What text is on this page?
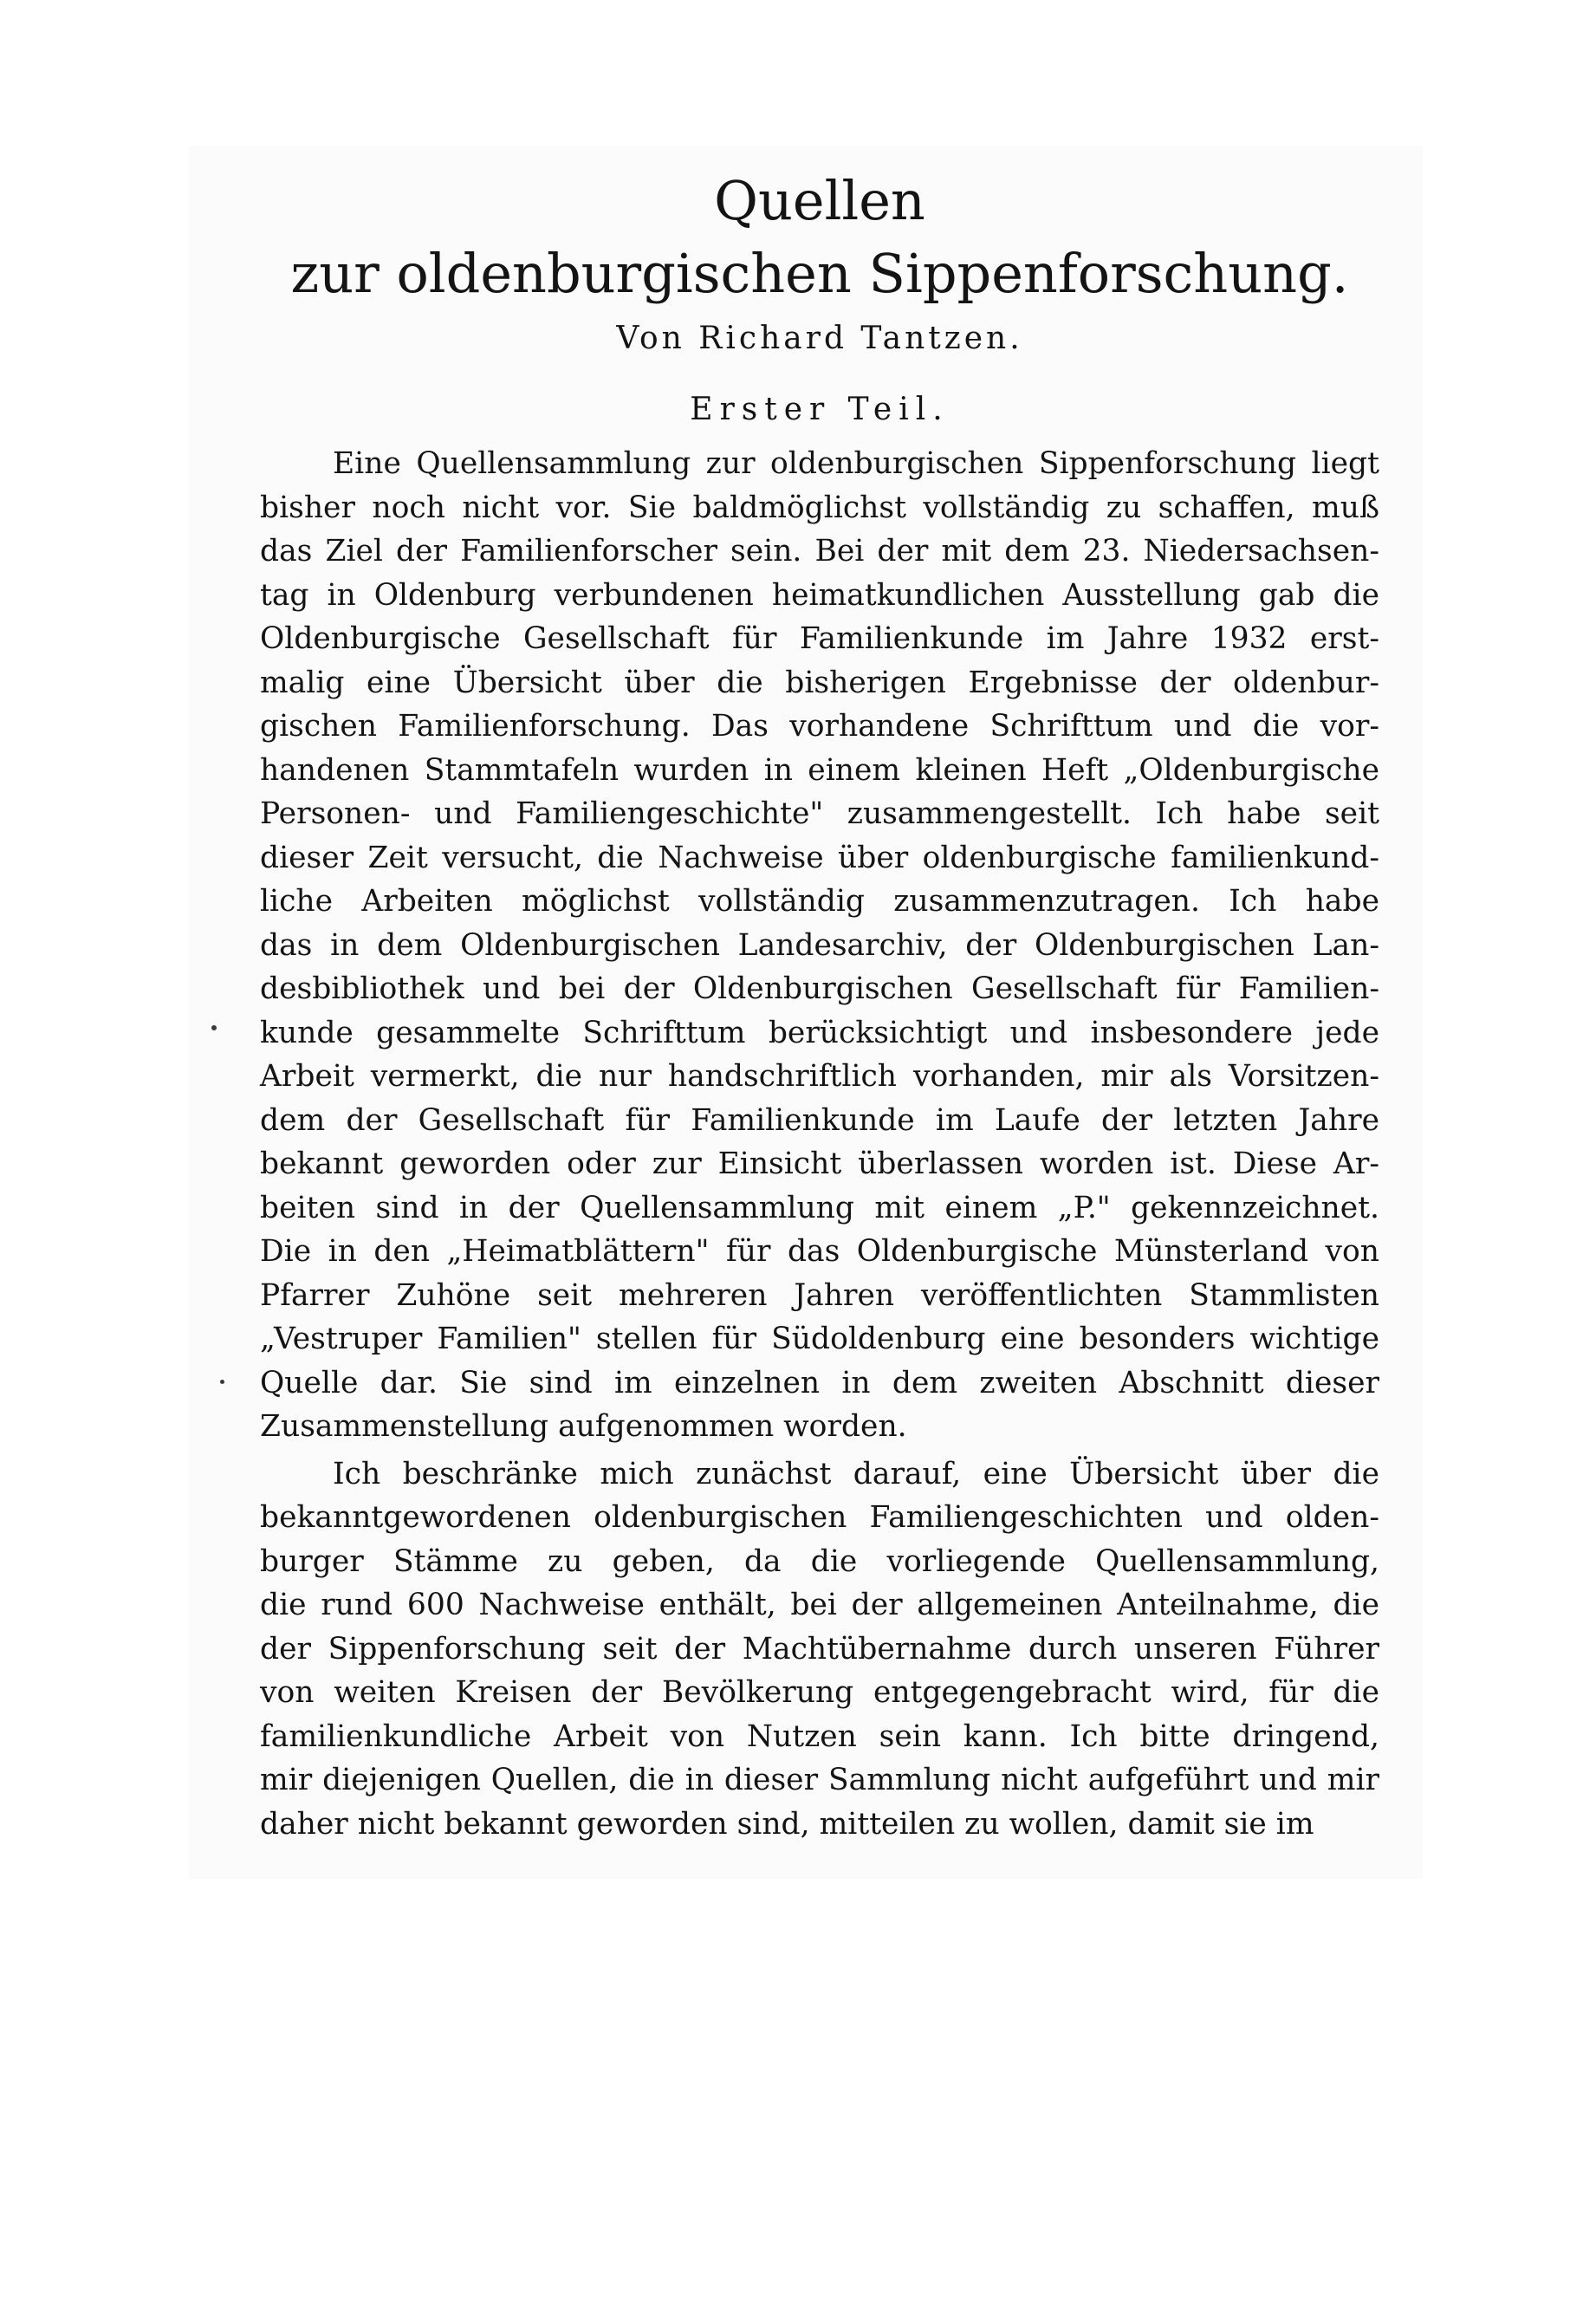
Quellen
zur oldenburgischen Sippenforschung.

Von Richard Tantzen.

Erster Teil.

Eine Quellensammlung zur oldenburgischen Sippenforschung liegt
bisher noch nicht vor. Sie baldmöglichst vollständig zu schaffen, muß
das Ziel der Familienforscher sein. Bei der mit dem 23. Niedersachsen-
tag in Oldenburg verbundenen heimatkundlichen Ausstellung gab die
Oldenburgische Gesellschaft für Familienkunde im Jahre 1932 erst-
malig eine Übersicht über die bisherigen Ergebnisse der oldenbur-
gischen Familienforschung. Das vorhandene Schrifttum und die vor-
handenen Stammtafeln wurden in einem kleinen Heft „Oldenburgische
Personen- und Familiengeschichte" zusammengestellt. Ich habe seit
dieser Zeit versucht, die Nachweise über oldenburgische familienkund-
liche Arbeiten möglichst vollständig zusammenzutragen. Ich habe
das in dem Oldenburgischen Landesarchiv, der Oldenburgischen Lan-
desbibliothek und bei der Oldenburgischen Gesellschaft für Familien-
kunde gesammelte Schrifttum berücksichtigt und insbesondere jede
Arbeit vermerkt, die nur handschriftlich vorhanden, mir als Vorsitzen-
dem der Gesellschaft für Familienkunde im Laufe der letzten Jahre
bekannt geworden oder zur Einsicht überlassen worden ist. Diese Ar-
beiten sind in der Quellensammlung mit einem „P." gekennzeichnet.
Die in den „Heimatblättern" für das Oldenburgische Münsterland von
Pfarrer Zuhöne seit mehreren Jahren veröffentlichten Stammlisten
„Vestruper Familien" stellen für Südoldenburg eine besonders wichtige
Quelle dar. Sie sind im einzelnen in dem zweiten Abschnitt dieser
Zusammenstellung aufgenommen worden.

Ich beschränke mich zunächst darauf, eine Übersicht über die
bekanntgewordenen oldenburgischen Familiengeschichten und olden-
burger Stämme zu geben, da die vorliegende Quellensammlung,
die rund 600 Nachweise enthält, bei der allgemeinen Anteilnahme, die
der Sippenforschung seit der Machtübernahme durch unseren Führer
von weiten Kreisen der Bevölkerung entgegengebracht wird, für die
familienkundliche Arbeit von Nutzen sein kann. Ich bitte dringend,
mir diejenigen Quellen, die in dieser Sammlung nicht aufgeführt und mir
daher nicht bekannt geworden sind, mitteilen zu wollen, damit sie im
